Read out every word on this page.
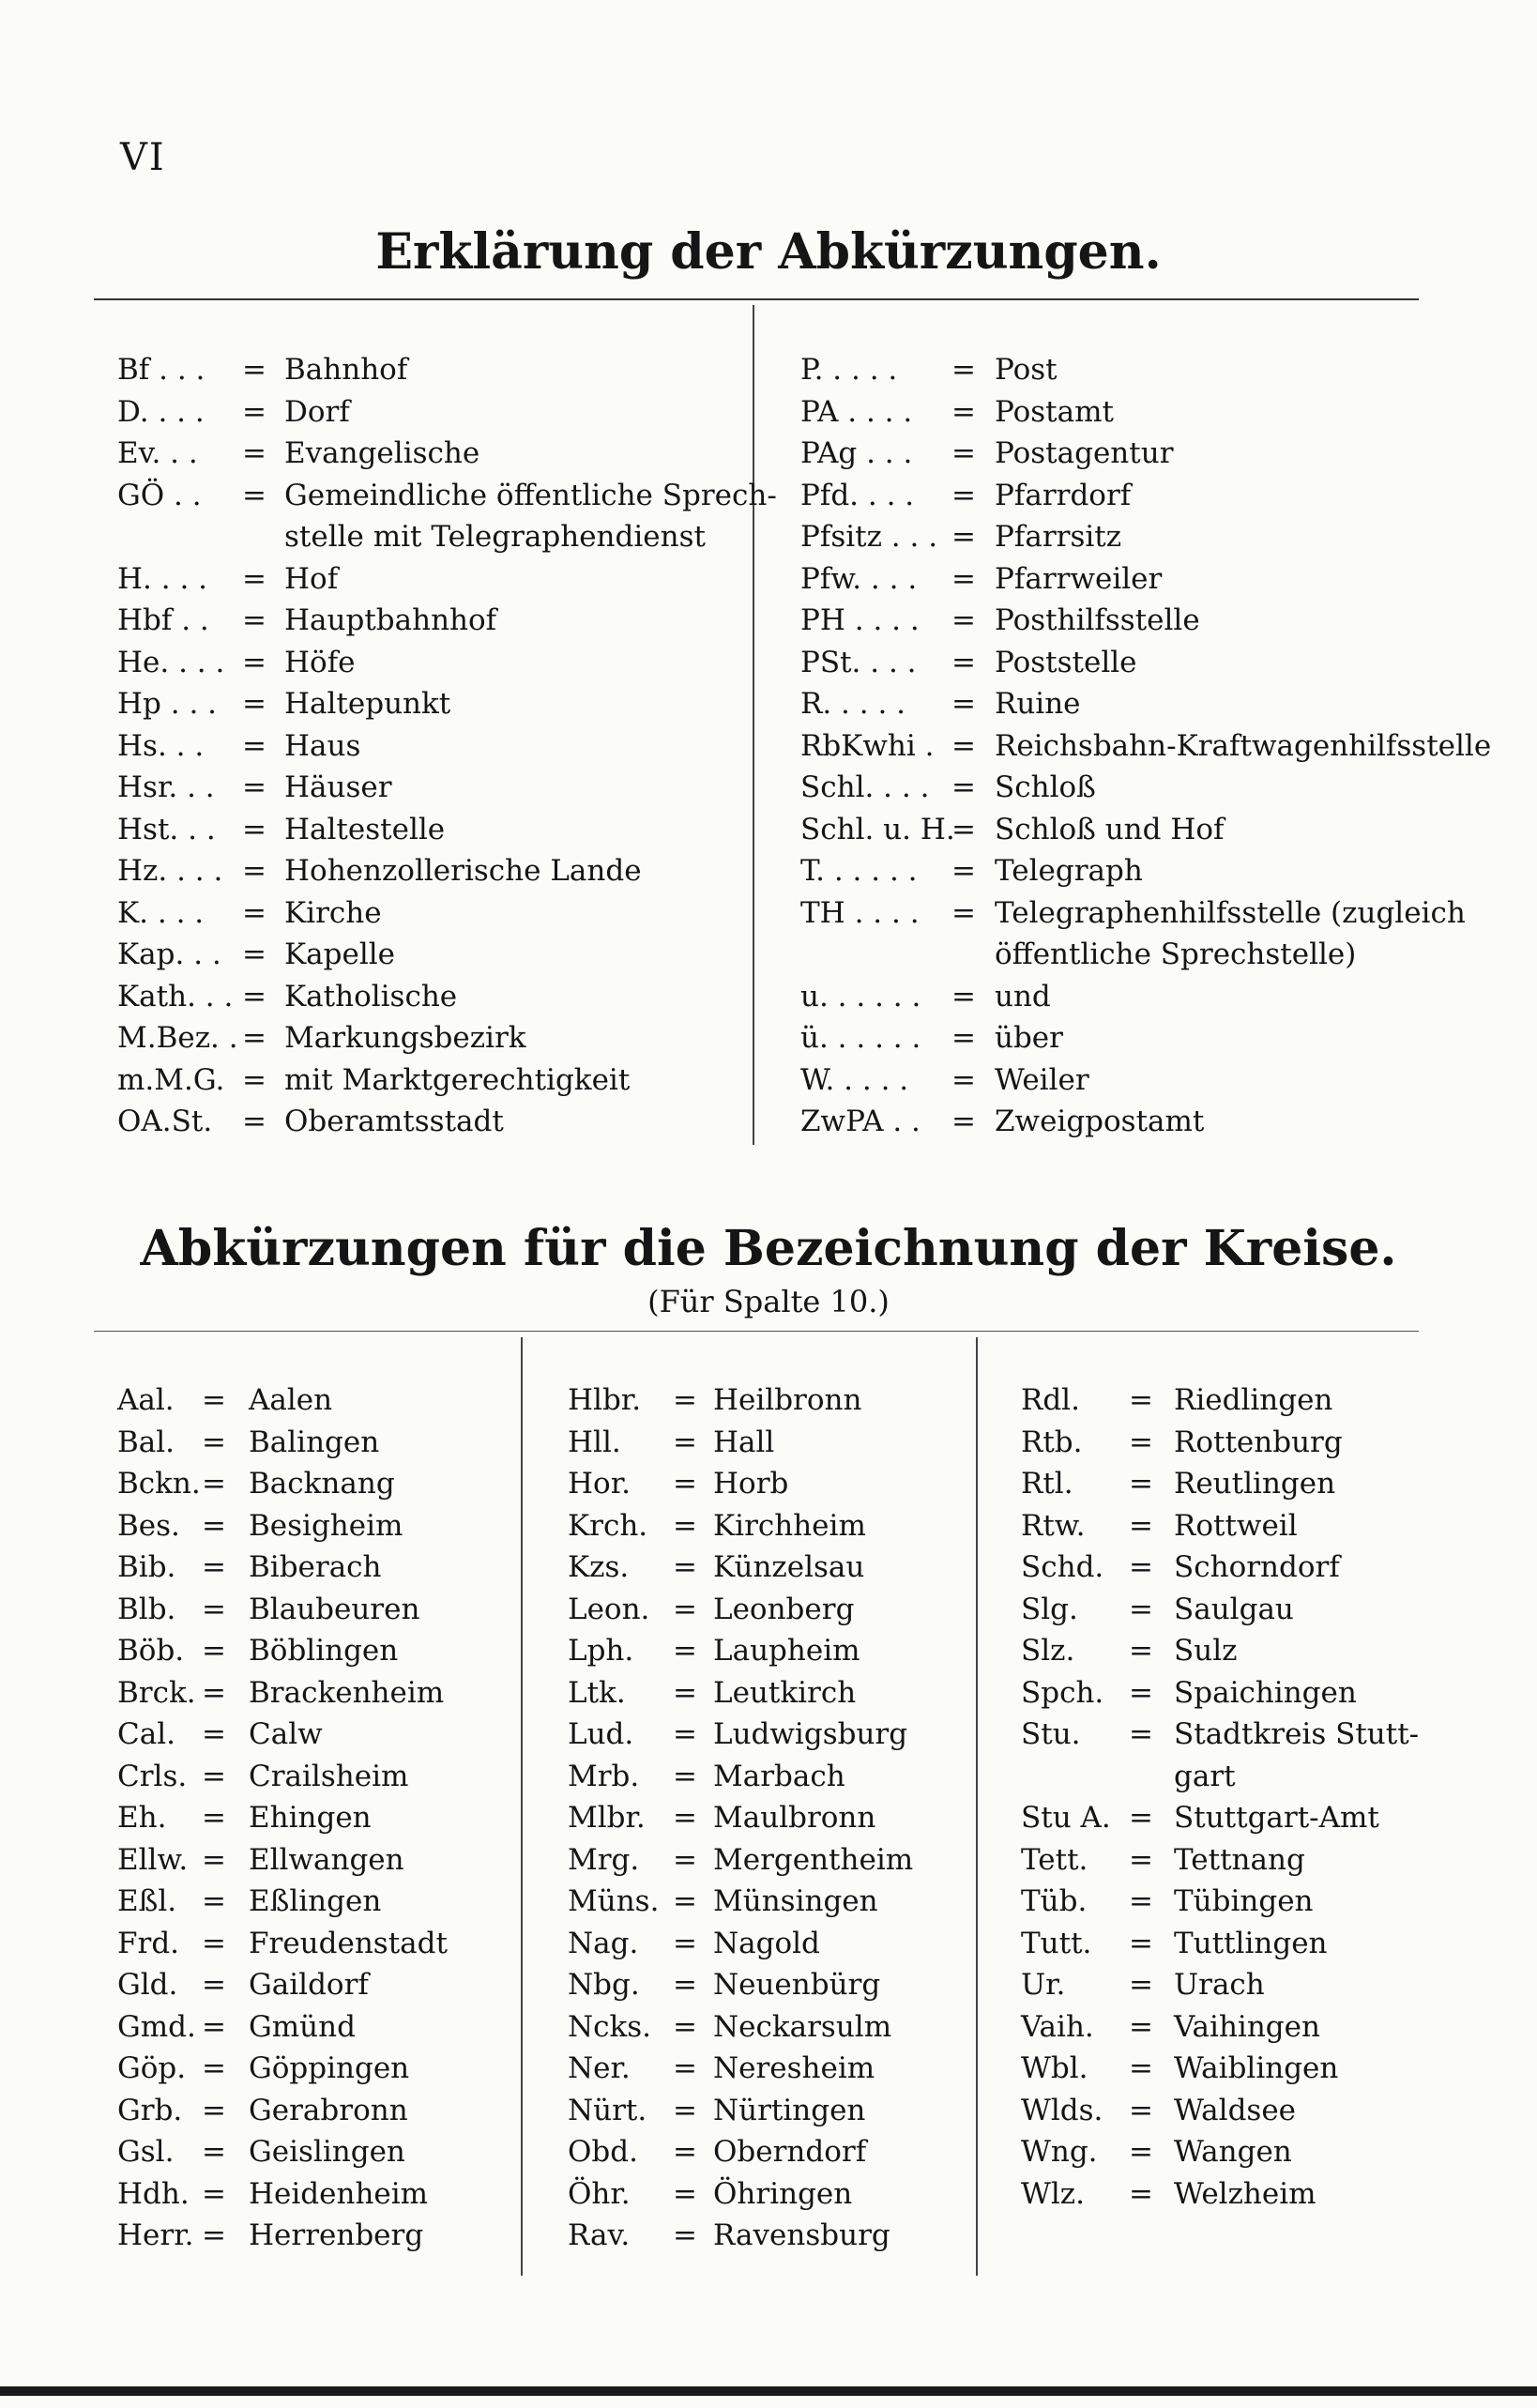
VI
Erklärung der Abkürzungen.
Bf . . . = Bahnhof
D. . . . = Dorf
Ev. . . = Evangelische
GÖ . . = Gemeindliche öffentliche Sprech-
stelle mit Telegraphendienst
H. . . . = Hof
Hbf . . = Hauptbahnhof
He. . . . = Höfe
Hp . . . = Haltepunkt
Hs. . . = Haus
Hsr. . . = Häuser
Hst. . . = Haltestelle
Hz. . . . = Hohenzollerische Lande
K. . . . = Kirche
Kap. . . = Kapelle
Kath. . . = Katholische
M.Bez. . = Markungsbezirk
m.M.G. = mit Marktgerechtigkeit
OA.St. = Oberamtsstadt
P. . . . . = Post
PA . . . . = Postamt
PAg . . . = Postagentur
Pfd. . . . = Pfarrdorf
Pfsitz . . . = Pfarrsitz
Pfw. . . . = Pfarrweiler
PH . . . . = Posthilfsstelle
PSt. . . . = Poststelle
R. . . . . = Ruine
RbKwhi . = Reichsbahn-Kraftwagenhilfsstelle
Schl. . . . = Schloß
Schl. u. H.
= Schloß und Hof
T. . . . . . = Telegraph
TH . . . . = Telegraphenhilfsstelle (zugleich
öffentliche Sprechstelle)
u. . . . . . = und
ü. . . . . . = über
W. . . . . = Weiler
ZwPA . . = Zweigpostamt
Abkürzungen für die Bezeichnung der Kreise.
(Für Spalte 10.)
Aal. = Aalen
Bal. = Balingen
Bckn. = Backnang
Bes. = Besigheim
Bib. = Biberach
Blb. = Blaubeuren
Böb. = Böblingen
Brck. = Brackenheim
Cal. = Calw
Crls. = Crailsheim
Eh. = Ehingen
Ellw. = Ellwangen
Eßl. = Eßlingen
Frd. = Freudenstadt
Gld. = Gaildorf
Gmd. = Gmünd
Göp. = Göppingen
Grb. = Gerabronn
Gsl. = Geislingen
Hdh. = Heidenheim
Herr. = Herrenberg
Hlbr. = Heilbronn
Hll. = Hall
Hor. = Horb
Krch. = Kirchheim
Kzs. = Künzelsau
Leon. = Leonberg
Lph. = Laupheim
Ltk. = Leutkirch
Lud. = Ludwigsburg
Mrb. = Marbach
Mlbr. = Maulbronn
Mrg. = Mergentheim
Müns. = Münsingen
Nag. = Nagold
Nbg. = Neuenbürg
Ncks. = Neckarsulm
Ner. = Neresheim
Nürt. = Nürtingen
Obd. = Oberndorf
Öhr. = Öhringen
Rav. = Ravensburg
Rdl. = Riedlingen
Rtb. = Rottenburg
Rtl. = Reutlingen
Rtw. = Rottweil
Schd. = Schorndorf
Slg. = Saulgau
Slz. = Sulz
Spch. = Spaichingen
Stu. = Stadtkreis Stutt-
gart
Stu A. = Stuttgart-Amt
Tett. = Tettnang
Tüb. = Tübingen
Tutt. = Tuttlingen
Ur. = Urach
Vaih. = Vaihingen
Wbl. = Waiblingen
Wlds. = Waldsee
Wng. = Wangen
Wlz. = Welzheim
